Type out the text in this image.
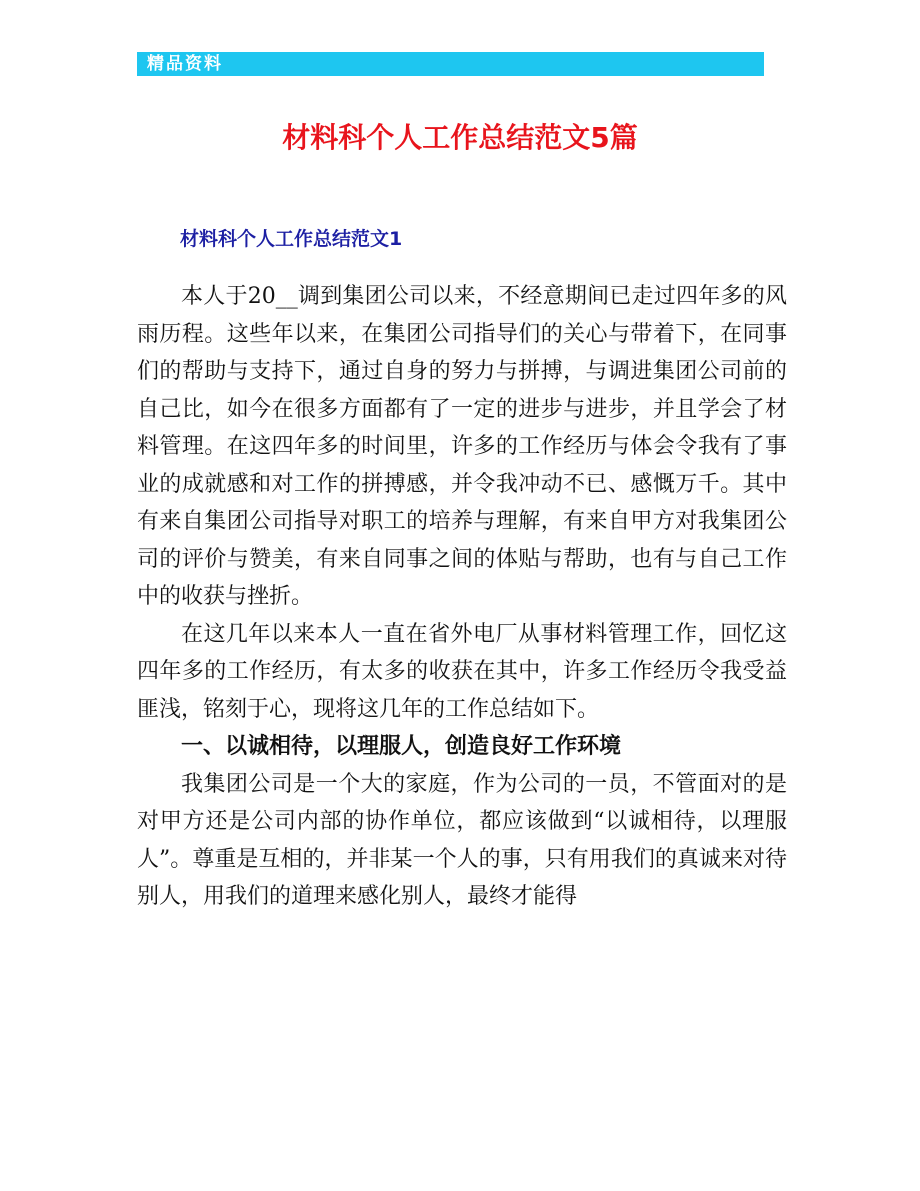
精品资料
材料科个人工作总结范文5篇
材料科个人工作总结范文1

本人于20__调到集团公司以来，不经意期间已走过四年多的风雨历程。这些年以来，在集团公司指导们的关心与带着下，在同事们的帮助与支持下，通过自身的努力与拼搏，与调进集团公司前的自己比，如今在很多方面都有了一定的进步与进步，并且学会了材料管理。在这四年多的时间里，许多的工作经历与体会令我有了事业的成就感和对工作的拼搏感，并令我冲动不已、感慨万千。其中有来自集团公司指导对职工的培养与理解，有来自甲方对我集团公司的评价与赞美，有来自同事之间的体贴与帮助，也有与自己工作中的收获与挫折。

在这几年以来本人一直在省外电厂从事材料管理工作，回忆这四年多的工作经历，有太多的收获在其中，许多工作经历令我受益匪浅，铭刻于心，现将这几年的工作总结如下。

一、以诚相待，以理服人，创造良好工作环境

我集团公司是一个大的家庭，作为公司的一员，不管面对的是对甲方还是公司内部的协作单位，都应该做到“以诚相待，以理服人”。尊重是互相的，并非某一个人的事，只有用我们的真诚来对待别人，用我们的道理来感化别人，最终才能得
